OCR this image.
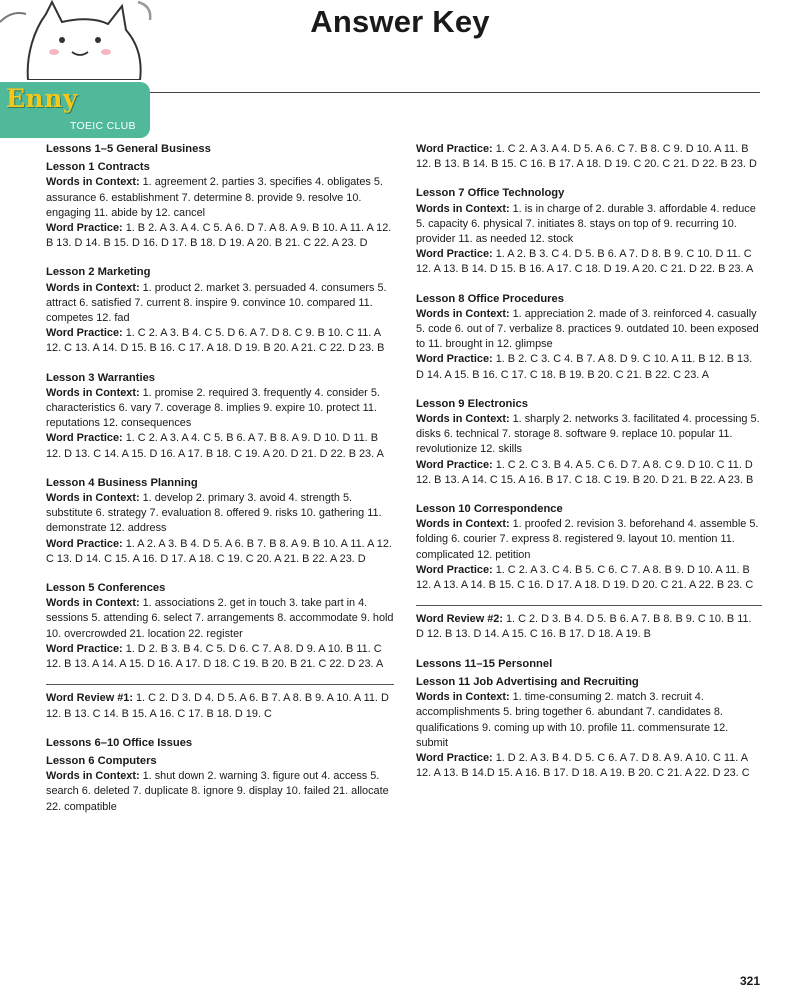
Answer Key
Enny
TOEIC CLUB
Lessons 1–5 General Business
Lesson 1 Contracts
Words in Context: 1. agreement 2. parties 3. specifies 4. obligates 5. assurance 6. establishment 7. determine 8. provide 9. resolve 10. engaging 11. abide by 12. cancel
Word Practice: 1. B 2. A 3. A 4. C 5. A 6. D 7. A 8. A 9. B 10. A 11. A 12. B 13. D 14. B 15. D 16. D 17. B 18. D 19. A 20. B 21. C 22. A 23. D
Lesson 2 Marketing
Words in Context: 1. product 2. market 3. persuaded 4. consumers 5. attract 6. satisfied 7. current 8. inspire 9. convince 10. compared 11. competes 12. fad
Word Practice: 1. C 2. A 3. B 4. C 5. D 6. A 7. D 8. C 9. B 10. C 11. A 12. C 13. A 14. D 15. B 16. C 17. A 18. D 19. B 20. A 21. C 22. D 23. B
Lesson 3 Warranties
Words in Context: 1. promise 2. required 3. frequently 4. consider 5. characteristics 6. vary 7. coverage 8. implies 9. expire 10. protect 11. reputations 12. consequences
Word Practice: 1. C 2. A 3. A 4. C 5. B 6. A 7. B 8. A 9. D 10. D 11. B 12. D 13. C 14. A 15. D 16. A 17. B 18. C 19. A 20. D 21. D 22. B 23. A
Lesson 4 Business Planning
Words in Context: 1. develop 2. primary 3. avoid 4. strength 5. substitute 6. strategy 7. evaluation 8. offered 9. risks 10. gathering 11. demonstrate 12. address
Word Practice: 1. A 2. A 3. B 4. D 5. A 6. B 7. B 8. A 9. B 10. A 11. A 12. C 13. D 14. C 15. A 16. D 17. A 18. C 19. C 20. A 21. B 22. A 23. D
Lesson 5 Conferences
Words in Context: 1. associations 2. get in touch 3. take part in 4. sessions 5. attending 6. select 7. arrangements 8. accommodate 9. hold 10. overcrowded 21. location 22. register
Word Practice: 1. D 2. B 3. B 4. C 5. D 6. C 7. A 8. D 9. A 10. B 11. C 12. B 13. A 14. A 15. D 16. A 17. D 18. C 19. B 20. B 21. C 22. D 23. A
Word Review #1: 1. C 2. D 3. D 4. D 5. A 6. B 7. A 8. B 9. A 10. A 11. D 12. B 13. C 14. B 15. A 16. C 17. B 18. D 19. C
Lessons 6–10 Office Issues
Lesson 6 Computers
Words in Context: 1. shut down 2. warning 3. figure out 4. access 5. search 6. deleted 7. duplicate 8. ignore 9. display 10. failed 21. allocate 22. compatible
Word Practice: 1. C 2. A 3. A 4. D 5. A 6. C 7. B 8. C 9. D 10. A 11. B 12. B 13. B 14. B 15. C 16. B 17. A 18. D 19. C 20. C 21. D 22. B 23. D
Lesson 7 Office Technology
Words in Context: 1. is in charge of 2. durable 3. affordable 4. reduce 5. capacity 6. physical 7. initiates 8. stays on top of 9. recurring 10. provider 11. as needed 12. stock
Word Practice: 1. A 2. B 3. C 4. D 5. B 6. A 7. D 8. B 9. C 10. D 11. C 12. A 13. B 14. D 15. B 16. A 17. C 18. D 19. A 20. C 21. D 22. B 23. A
Lesson 8 Office Procedures
Words in Context: 1. appreciation 2. made of 3. reinforced 4. casually 5. code 6. out of 7. verbalize 8. practices 9. outdated 10. been exposed to 11. brought in 12. glimpse
Word Practice: 1. B 2. C 3. C 4. B 7. A 8. D 9. C 10. A 11. B 12. B 13. D 14. A 15. B 16. C 17. C 18. B 19. B 20. C 21. B 22. C 23. A
Lesson 9 Electronics
Words in Context: 1. sharply 2. networks 3. facilitated 4. processing 5. disks 6. technical 7. storage 8. software 9. replace 10. popular 11. revolutionize 12. skills
Word Practice: 1. C 2. C 3. B 4. A 5. C 6. D 7. A 8. C 9. D 10. C 11. D 12. B 13. A 14. C 15. A 16. B 17. C 18. C 19. B 20. D 21. B 22. A 23. B
Lesson 10 Correspondence
Words in Context: 1. proofed 2. revision 3. beforehand 4. assemble 5. folding 6. courier 7. express 8. registered 9. layout 10. mention 11. complicated 12. petition
Word Practice: 1. C 2. A 3. C 4. B 5. C 6. C 7. A 8. B 9. D 10. A 11. B 12. A 13. A 14. B 15. C 16. D 17. A 18. D 19. D 20. C 21. A 22. B 23. C
Word Review #2: 1. C 2. D 3. B 4. D 5. B 6. A 7. B 8. B 9. C 10. B 11. D 12. B 13. D 14. A 15. C 16. B 17. D 18. A 19. B
Lessons 11–15 Personnel
Lesson 11 Job Advertising and Recruiting
Words in Context: 1. time-consuming 2. match 3. recruit 4. accomplishments 5. bring together 6. abundant 7. candidates 8. qualifications 9. coming up with 10. profile 11. commensurate 12. submit
Word Practice: 1. D 2. A 3. B 4. D 5. C 6. A 7. D 8. A 9. A 10. C 11. A 12. A 13. B 14.D 15. A 16. B 17. D 18. A 19. B 20. C 21. A 22. D 23. C
321
